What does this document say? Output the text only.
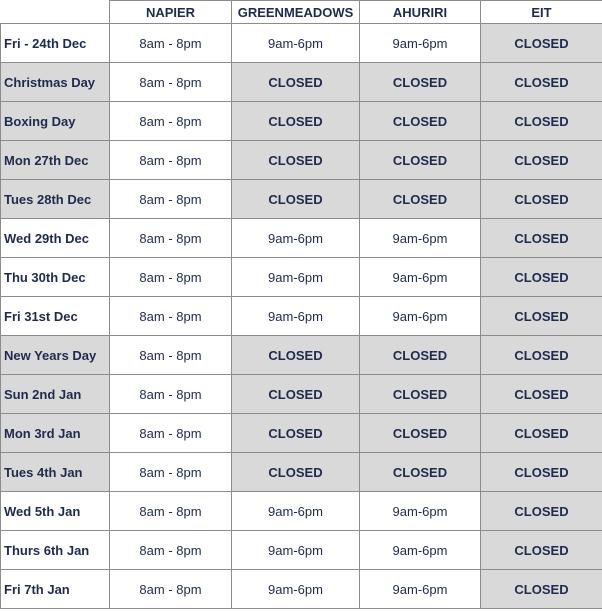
	NAPIER	GREENMEADOWS	AHURIRI	EIT
Fri - 24th Dec	8am - 8pm	9am-6pm	9am-6pm	CLOSED
Christmas Day	8am - 8pm	CLOSED	CLOSED	CLOSED
Boxing Day	8am - 8pm	CLOSED	CLOSED	CLOSED
Mon 27th Dec	8am - 8pm	CLOSED	CLOSED	CLOSED
Tues 28th Dec	8am - 8pm	CLOSED	CLOSED	CLOSED
Wed 29th Dec	8am - 8pm	9am-6pm	9am-6pm	CLOSED
Thu 30th Dec	8am - 8pm	9am-6pm	9am-6pm	CLOSED
Fri 31st Dec	8am - 8pm	9am-6pm	9am-6pm	CLOSED
New Years Day	8am - 8pm	CLOSED	CLOSED	CLOSED
Sun 2nd Jan	8am - 8pm	CLOSED	CLOSED	CLOSED
Mon 3rd Jan	8am - 8pm	CLOSED	CLOSED	CLOSED
Tues 4th Jan	8am - 8pm	CLOSED	CLOSED	CLOSED
Wed 5th Jan	8am - 8pm	9am-6pm	9am-6pm	CLOSED
Thurs 6th Jan	8am - 8pm	9am-6pm	9am-6pm	CLOSED
Fri 7th Jan	8am - 8pm	9am-6pm	9am-6pm	CLOSED
